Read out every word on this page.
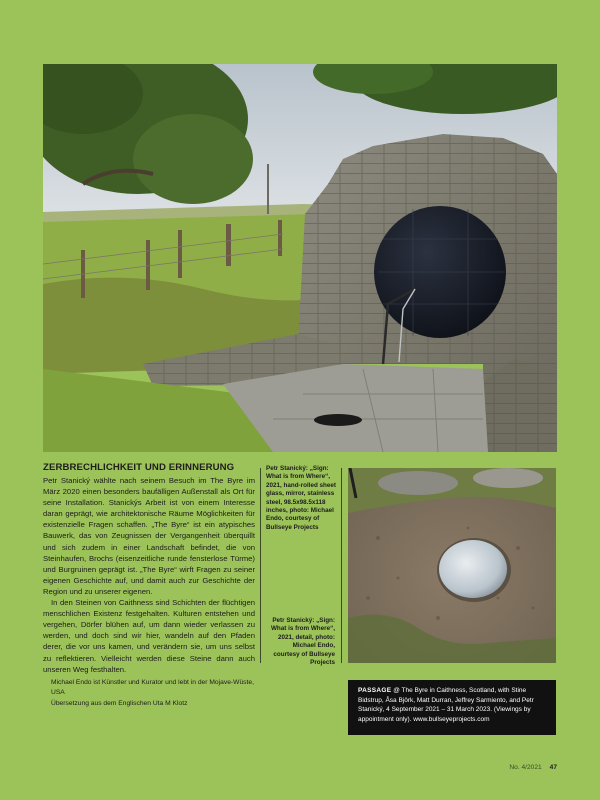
ZERBRECHLICHKEIT UND ERINNERUNG

Petr Stanický wählte nach seinem Besuch im The Byre im März 2020 einen besonders baufälligen Außenstall als Ort für seine Installation. Stanickýs Arbeit ist von einem Interesse daran geprägt, wie architektonische Räume Möglichkeiten für existenzielle Fragen schaffen. „The Byre“ ist ein atypisches Bauwerk, das von Zeugnissen der Vergangenheit überquillt und sich zudem in einer Landschaft befindet, die von Steinhaufen, Brochs (eisenzeitliche runde fensterlose Türme) und Burgruinen geprägt ist. „The Byre“ wirft Fragen zu seiner eigenen Geschichte auf, und damit auch zur Geschichte der Region und zu unserer eigenen.

In den Steinen von Caithness sind Schichten der flüchtigen menschlichen Existenz festgehalten. Kulturen entstehen und vergehen, Dörfer blühen auf, um dann wieder verlassen zu werden, und doch sind wir hier, wandeln auf den Pfaden derer, die vor uns kamen, und verändern sie, um uns selbst zu reflektieren. Vielleicht werden diese Steine dann auch unseren Weg festhalten.

Michael Endo ist Künstler und Kurator und lebt in der Mojave-Wüste, USA
Übersetzung aus dem Englischen Uta M Klotz
Petr Stanický: „Sign: What is from Where“, 2021, hand-rolled sheet glass, mirror, stainless steel, 98.5x98.5x118 inches, photo: Michael Endo, courtesy of Bullseye Projects
Petr Stanický: „Sign: What is from Where“, 2021, detail, photo: Michael Endo, courtesy of Bullseye Projects
PASSAGE @ The Byre in Caithness, Scotland, with Stine Bidstrup, Åsa Björk, Matt Durran, Jeffrey Sarmiento, and Petr Stanický, 4 September 2021 – 31 March 2023. (Viewings by appointment only). www.bullseyeprojects.com
No. 4/2021 47
